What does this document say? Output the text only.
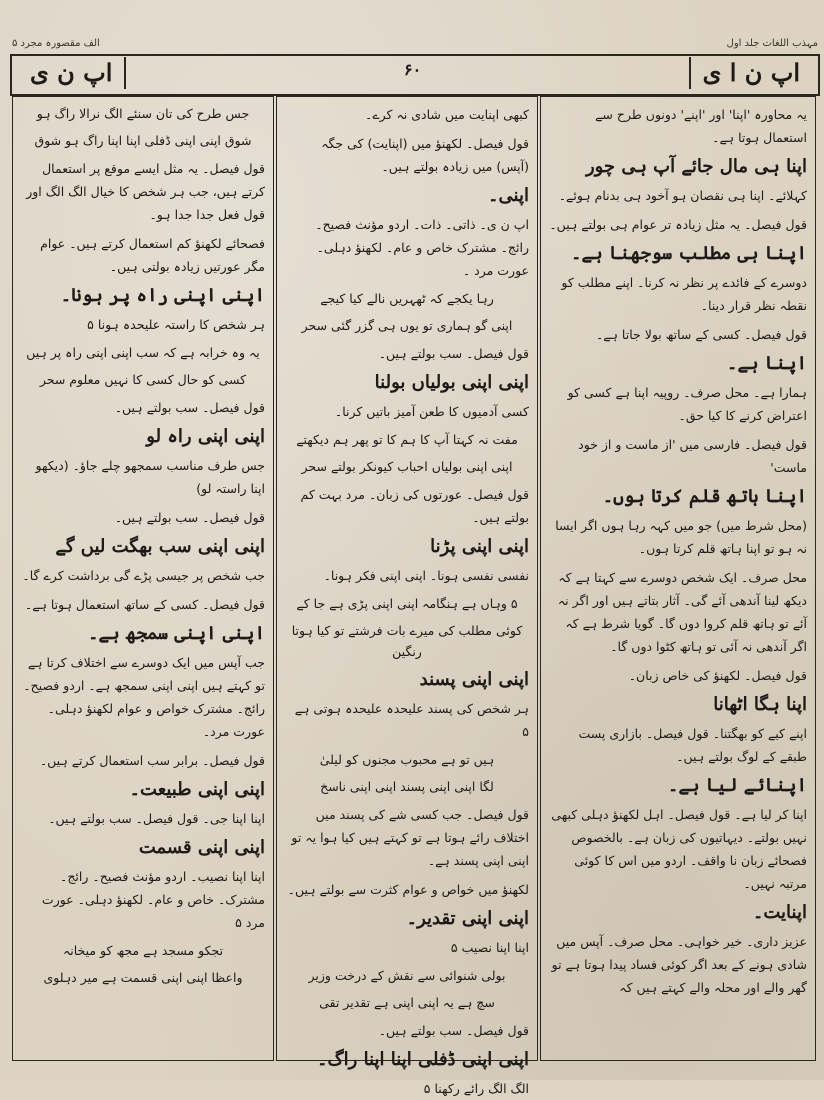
الف مقصورہ مجرد ۵	مہذب اللغات جلد اول
اپ ن ی	۶۰	اپ ن ا ی

یہ محاورہ 'اپنا' اور 'اپنے' دونوں طرح سے استعمال ہوتا ہے۔

اپنا ہی مال جائے آپ ہی چور

کہلائے۔ اپنا ہی نقصان ہو آخود ہی بدنام ہوئے۔

قول فیصل۔ یہ مثل زیادہ تر عوام ہی بولتے ہیں۔

اپنا ہی مطلب سوجھنا ہے۔

دوسرے کے فائدے پر نظر نہ کرنا۔ اپنے مطلب کو نقطہ نظر قرار دینا۔

قول فیصل۔ کسی کے ساتھ بولا جاتا ہے۔

اپنا ہے۔

ہمارا ہے۔ محل صرف۔ روپیہ اپنا ہے کسی کو اعتراض کرنے کا کیا حق۔

قول فیصل۔ فارسی میں 'از ماست و از خود ماست'

اپنا ہاتھ قلم کرتا ہوں۔

(محل شرط میں) جو میں کہہ رہا ہوں اگر ایسا نہ ہو تو اپنا ہاتھ قلم کرتا ہوں۔

محل صرف۔ ایک شخص دوسرے سے کہتا ہے کہ دیکھ لینا آندھی آئے گی۔ آثار بتاتے ہیں اور اگر نہ آئے تو ہاتھ قلم کروا دوں گا۔ گویا شرط ہے کہ اگر آندھی نہ آئی تو ہاتھ کٹوا دوں گا۔

قول فیصل۔ لکھنؤ کی خاص زبان۔

اپنا ہگا اٹھانا

اپنے کیے کو بھگتنا۔ قول فیصل۔ بازاری پست طبقے کے لوگ بولتے ہیں۔

اپنائے لیا ہے۔

اپنا کر لیا ہے۔ قول فیصل۔ اہل لکھنؤ دہلی کبھی نہیں بولتے۔ دیہاتیوں کی زبان ہے۔ بالخصوص فصحائے زبان نا واقف۔ اردو میں اس کا کوئی مرتبہ نہیں۔

اپنایت۔

عزیز داری۔ خیر خواہی۔ محل صرف۔ آپس میں شادی ہونے کے بعد اگر کوئی فساد پیدا ہوتا ہے تو گھر والے اور محلہ والے کہتے ہیں کہ

کبھی اپنایت میں شادی نہ کرے۔

قول فیصل۔ لکھنؤ میں (اپنایت) کی جگہ (آپس) میں زیادہ بولتے ہیں۔

اپنی۔

اپ ن ی۔ ذاتی۔ ذات۔ اردو مؤنث فصیح۔ رائج۔ مشترک خاص و عام۔ لکھنؤ دہلی۔ عورت مرد ۔

رہا یکجے کہ ٹھہریں نالے کیا کیجے

اپنی گو ہماری تو یوں ہی گزر گئی سحر

قول فیصل۔ سب بولتے ہیں۔

اپنی اپنی بولیاں بولنا

کسی آدمیوں کا طعن آمیز باتیں کرنا۔

مفت نہ کہتا آپ کا ہم کا تو پھر ہم دیکھتے

اپنی اپنی بولیاں احباب کیونکر بولتے سحر

قول فیصل۔ عورتوں کی زبان۔ مرد بہت کم بولتے ہیں۔

اپنی اپنی پڑنا

نفسی نفسی ہونا۔ اپنی اپنی فکر ہونا۔

۵ وہاں ہے ہنگامہ اپنی اپنی پڑی ہے جا کے

کوئی مطلب کی میرے بات فرشتے تو کیا ہوتا رنگین

اپنی اپنی پسند

ہر شخص کی پسند علیحدہ علیحدہ ہوتی ہے ۵

ہیں تو ہے محبوب مجنوں کو لیلیٰ

لگا اپنی اپنی پسند اپنی اپنی ناسخ

قول فیصل۔ جب کسی شے کی پسند میں اختلاف رائے ہوتا ہے تو کہتے ہیں کیا ہوا یہ تو اپنی اپنی پسند ہے۔

لکھنؤ میں خواص و عوام کثرت سے بولتے ہیں۔

اپنی اپنی تقدیر۔

اپنا اپنا نصیب ۵

بولی شنوائی سے نقش کے درخت وزیر

سچ ہے یہ اپنی اپنی ہے تقدیر تقی

قول فیصل۔ سب بولتے ہیں۔

اپنی اپنی ڈفلی اپنا اپنا راگ۔

الگ الگ رائے رکھنا ۵

جس طرح کی تان سنئے الگ نرالا راگ ہو

شوق اپنی اپنی ڈفلی اپنا اپنا راگ ہو شوق

قول فیصل۔ یہ مثل ایسے موقع پر استعمال کرتے ہیں، جب ہر شخص کا خیال الگ الگ اور قول فعل جدا جدا ہو۔

فصحائے لکھنؤ کم استعمال کرتے ہیں۔ عوام مگر عورتیں زیادہ بولتی ہیں۔

اپنی اپنی راہ پر ہونا۔

ہر شخص کا راستہ علیحدہ ہونا ۵

یہ وہ خرابہ ہے کہ سب اپنی اپنی راہ پر ہیں

کسی کو حال کسی کا نہیں معلوم سحر

قول فیصل۔ سب بولتے ہیں۔

اپنی اپنی راہ لو

جس طرف مناسب سمجھو چلے جاؤ۔ (دیکھو اپنا راستہ لو)

قول فیصل۔ سب بولتے ہیں۔

اپنی اپنی سب بھگت لیں گے

جب شخص پر جیسی پڑے گی برداشت کرے گا۔

قول فیصل۔ کسی کے ساتھ استعمال ہوتا ہے۔

اپنی اپنی سمجھ ہے۔

جب آپس میں ایک دوسرے سے اختلاف کرتا ہے تو کہتے ہیں اپنی اپنی سمجھ ہے۔ اردو فصیح۔ رائج۔ مشترک خواص و عوام لکھنؤ دہلی۔ عورت مرد۔

قول فیصل۔ برابر سب استعمال کرتے ہیں۔

اپنی اپنی طبیعت۔

اپنا اپنا جی۔ قول فیصل۔ سب بولتے ہیں۔

اپنی اپنی قسمت

اپنا اپنا نصیب۔ اردو مؤنث فصیح۔ رائج۔ مشترک۔ خاص و عام۔ لکھنؤ دہلی۔ عورت مرد ۵

تجکو مسجد ہے مجھ کو میخانہ

واعظا اپنی اپنی قسمت ہے میر دہلوی
